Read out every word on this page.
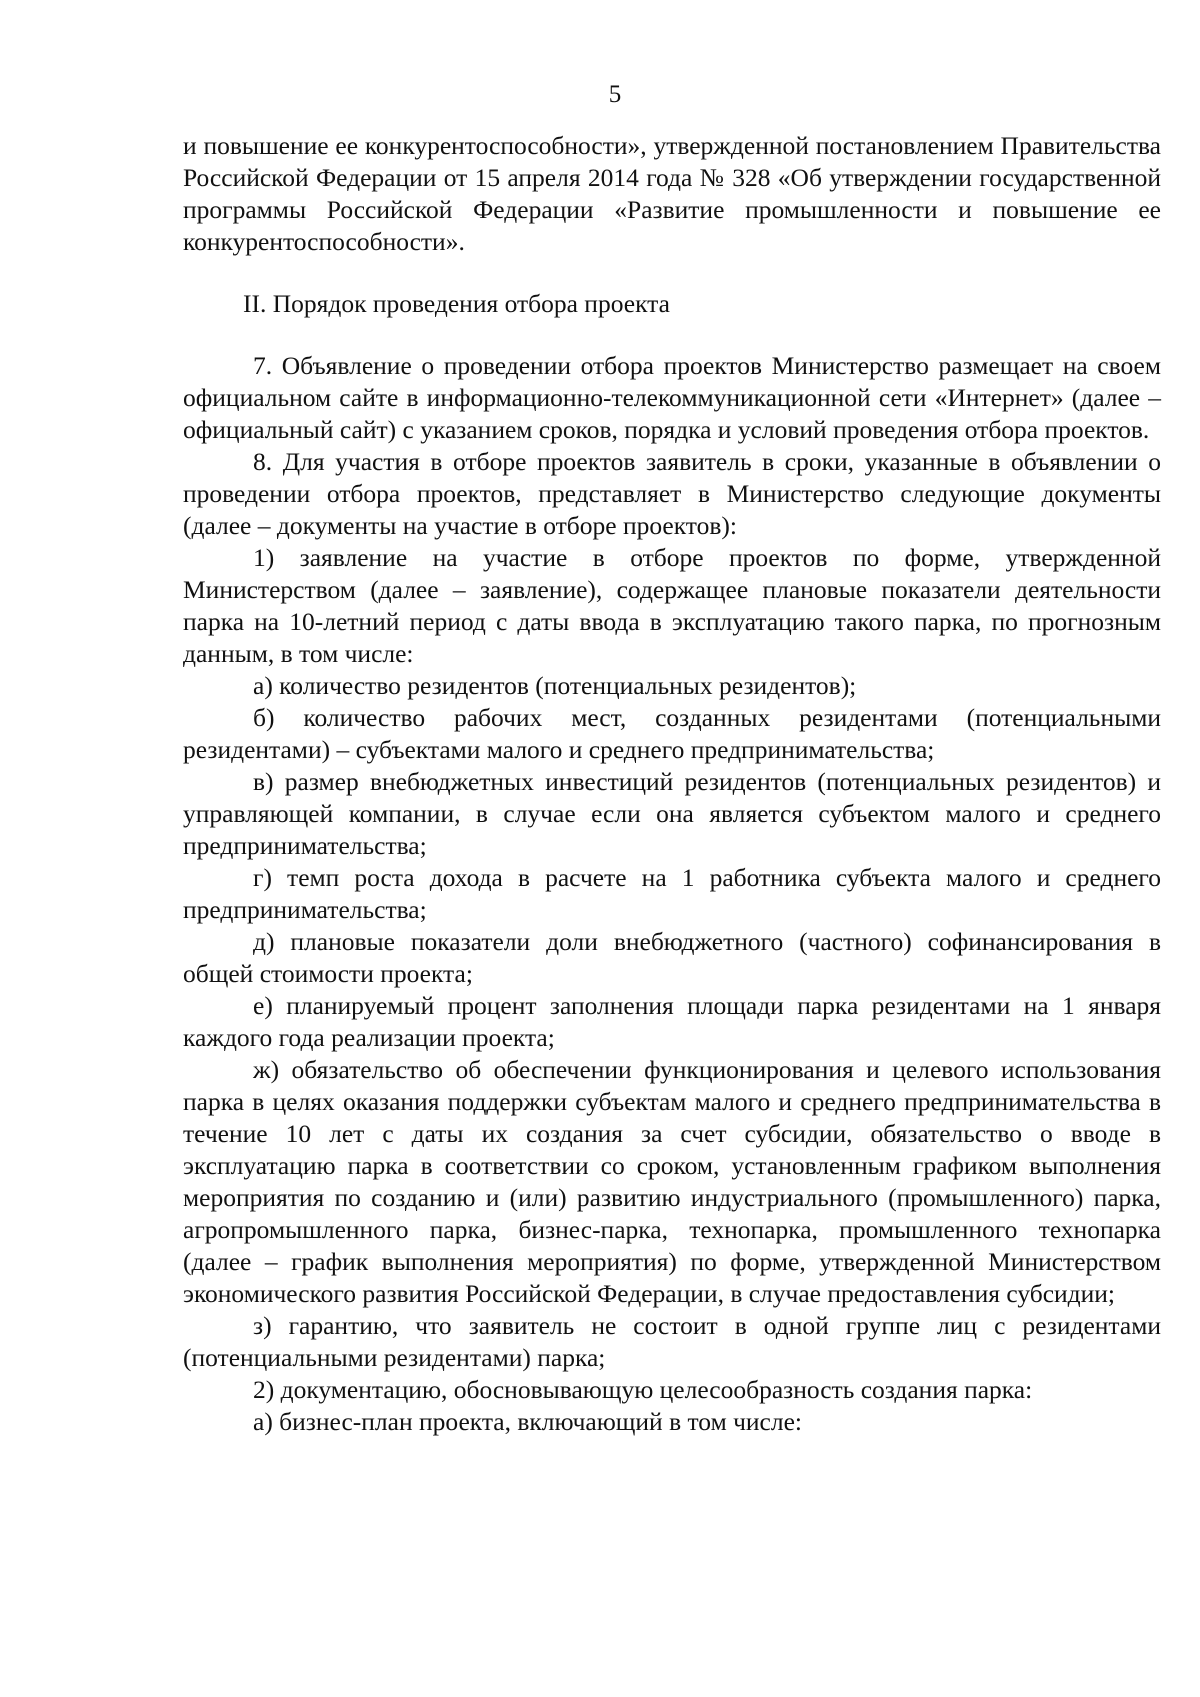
5

и повышение ее конкурентоспособности», утвержденной постановлением Правительства Российской Федерации от 15 апреля 2014 года № 328 «Об утверждении государственной программы Российской Федерации «Развитие промышленности и повышение ее конкурентоспособности».

II. Порядок проведения отбора проекта

7. Объявление о проведении отбора проектов Министерство размещает на своем официальном сайте в информационно-телекоммуникационной сети «Интернет» (далее – официальный сайт) с указанием сроков, порядка и условий проведения отбора проектов.

8. Для участия в отборе проектов заявитель в сроки, указанные в объявлении о проведении отбора проектов, представляет в Министерство следующие документы (далее – документы на участие в отборе проектов):

1) заявление на участие в отборе проектов по форме, утвержденной Министерством (далее – заявление), содержащее плановые показатели деятельности парка на 10-летний период с даты ввода в эксплуатацию такого парка, по прогнозным данным, в том числе:

а) количество резидентов (потенциальных резидентов);

б) количество рабочих мест, созданных резидентами (потенциальными резидентами) – субъектами малого и среднего предпринимательства;

в) размер внебюджетных инвестиций резидентов (потенциальных резидентов) и управляющей компании, в случае если она является субъектом малого и среднего предпринимательства;

г) темп роста дохода в расчете на 1 работника субъекта малого и среднего предпринимательства;

д) плановые показатели доли внебюджетного (частного) софинансирования в общей стоимости проекта;

е) планируемый процент заполнения площади парка резидентами на 1 января каждого года реализации проекта;

ж) обязательство об обеспечении функционирования и целевого использования парка в целях оказания поддержки субъектам малого и среднего предпринимательства в течение 10 лет с даты их создания за счет субсидии, обязательство о вводе в эксплуатацию парка в соответствии со сроком, установленным графиком выполнения мероприятия по созданию и (или) развитию индустриального (промышленного) парка, агропромышленного парка, бизнес-парка, технопарка, промышленного технопарка (далее – график выполнения мероприятия) по форме, утвержденной Министерством экономического развития Российской Федерации, в случае предоставления субсидии;

з) гарантию, что заявитель не состоит в одной группе лиц с резидентами (потенциальными резидентами) парка;

2) документацию, обосновывающую целесообразность создания парка:

а) бизнес-план проекта, включающий в том числе:
